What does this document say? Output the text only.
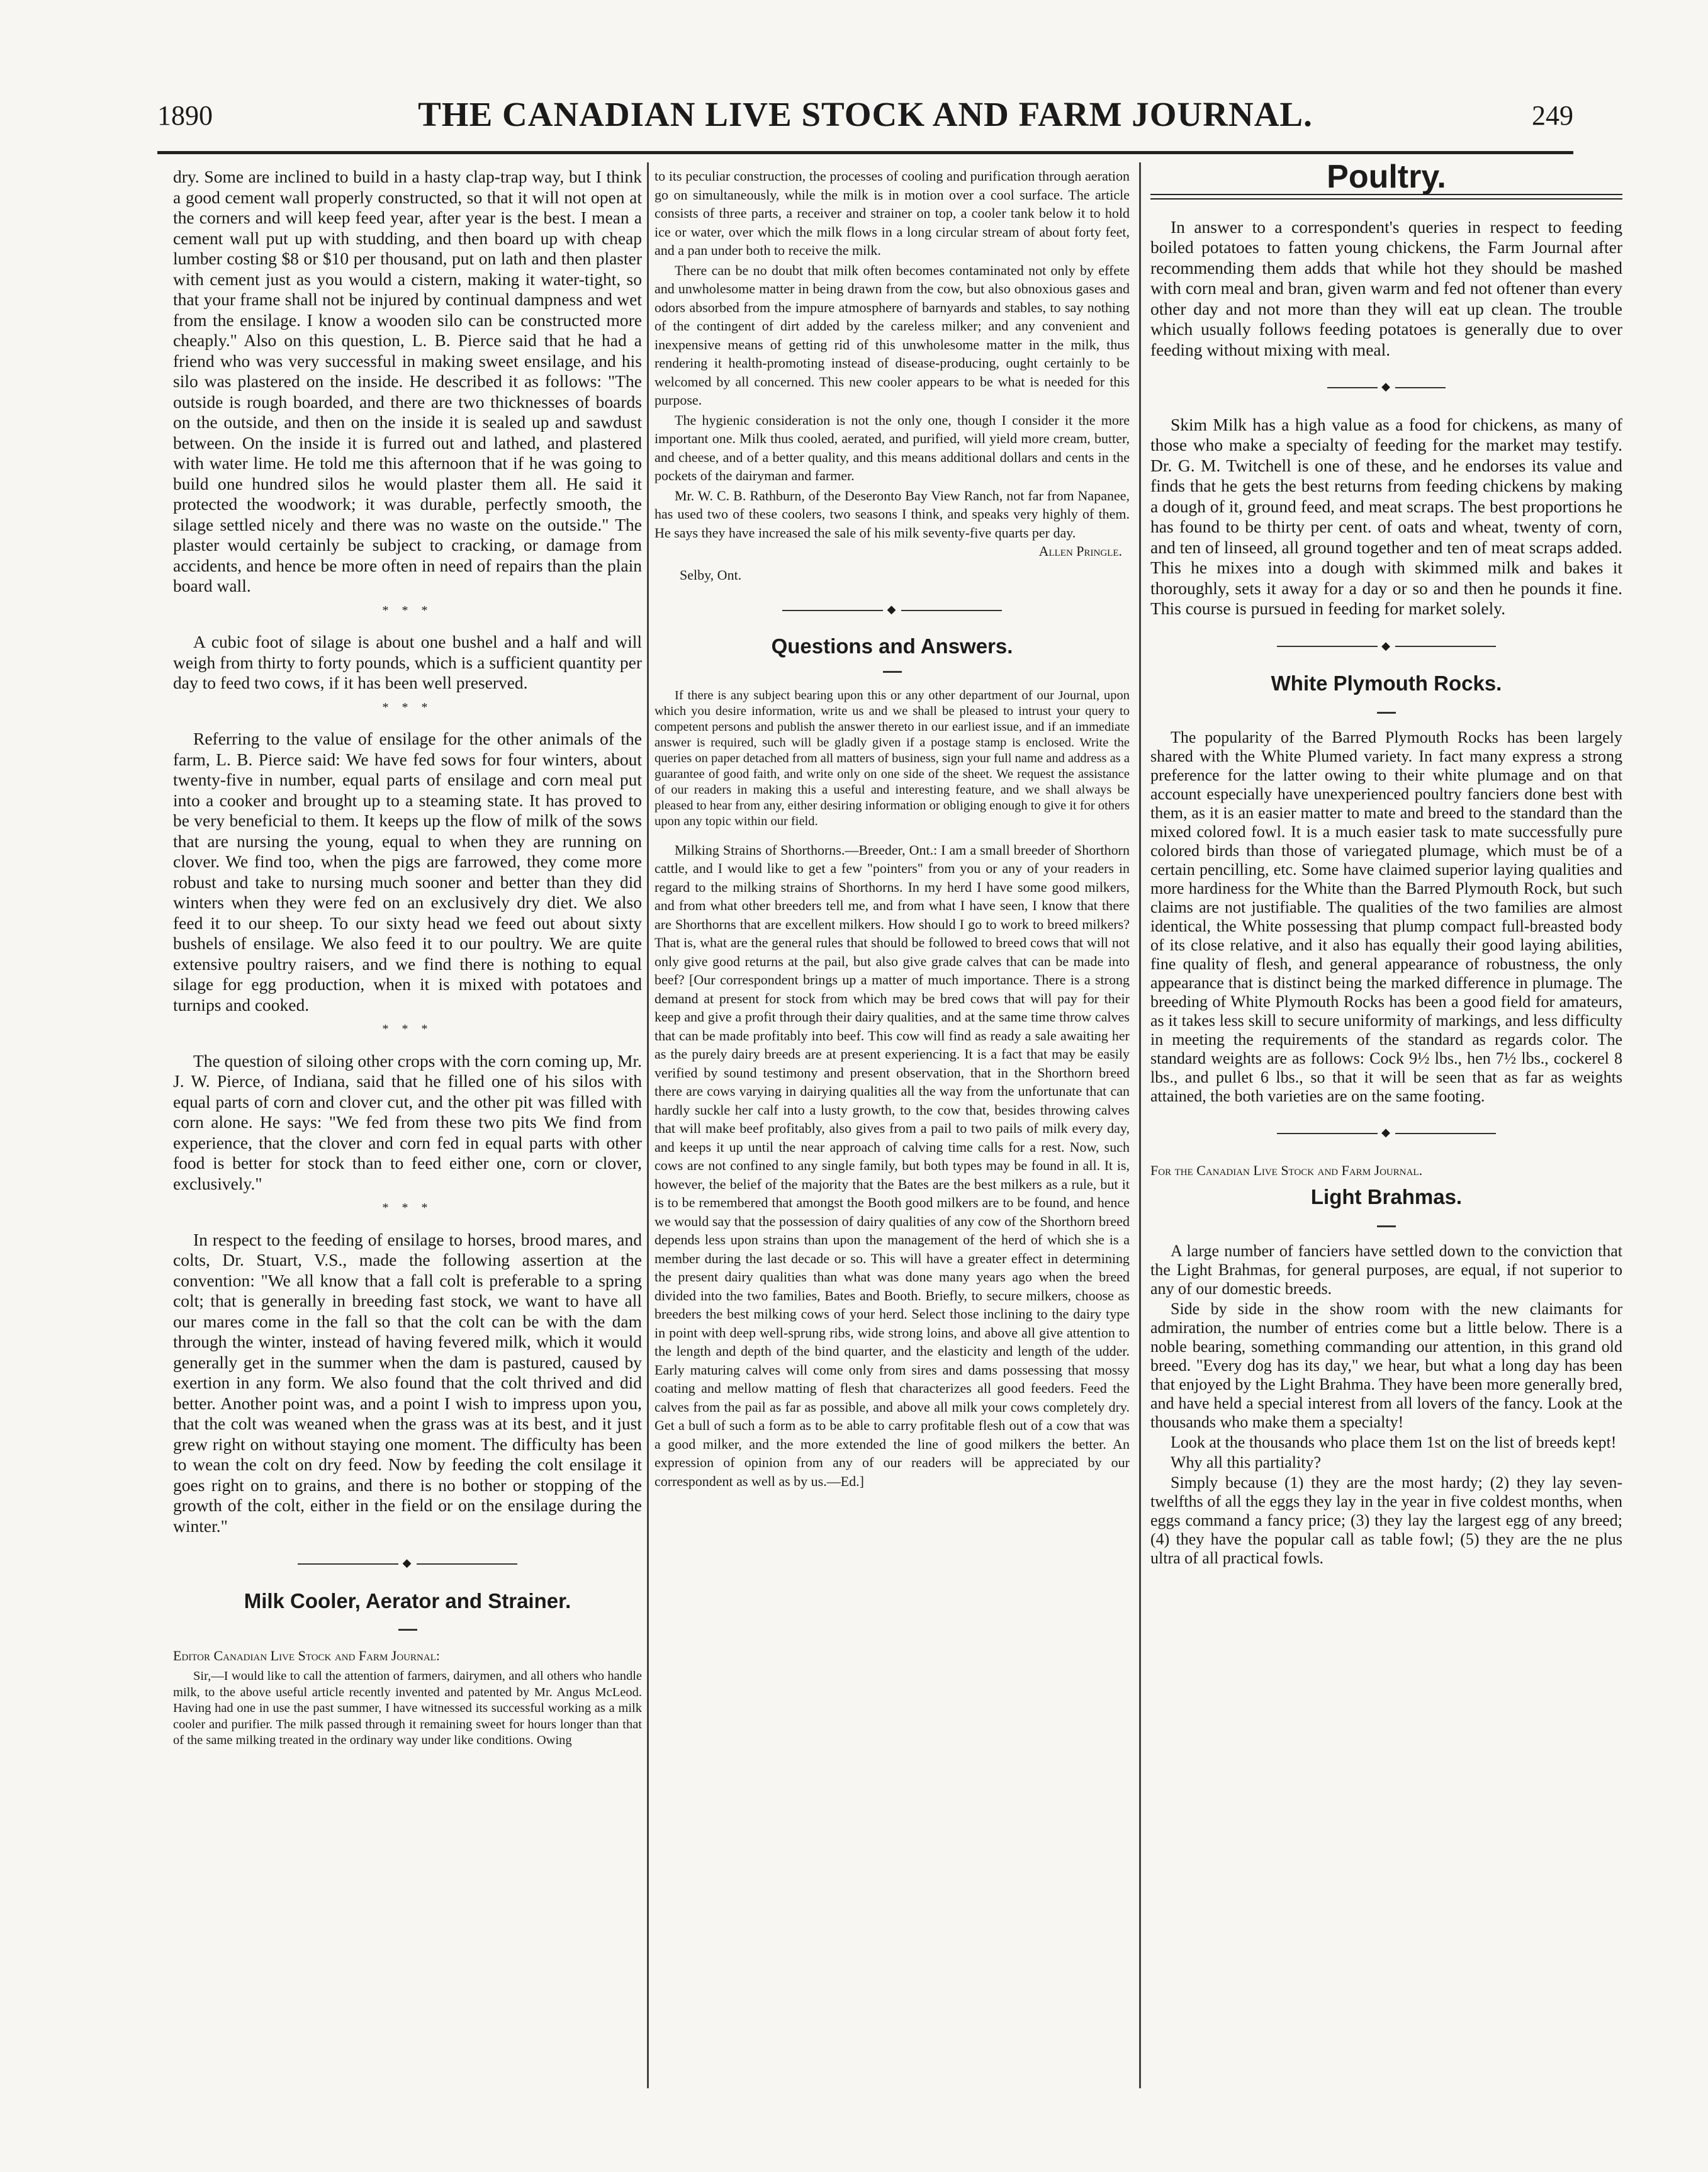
1890	THE CANADIAN LIVE STOCK AND FARM JOURNAL.	249

dry. Some are inclined to build in a hasty clap-trap way, but I think a good cement wall properly constructed, so that it will not open at the corners and will keep feed year, after year is the best. I mean a cement wall put up with studding, and then board up with cheap lumber costing $8 or $10 per thousand, put on lath and then plaster with cement just as you would a cistern, making it water-tight, so that your frame shall not be injured by continual dampness and wet from the ensilage. I know a wooden silo can be constructed more cheaply." Also on this question, L. B. Pierce said that he had a friend who was very successful in making sweet ensilage, and his silo was plastered on the inside. He described it as follows: "The outside is rough boarded, and there are two thicknesses of boards on the outside, and then on the inside it is sealed up and sawdust between. On the inside it is furred out and lathed, and plastered with water lime. He told me this afternoon that if he was going to build one hundred silos he would plaster them all. He said it protected the woodwork; it was durable, perfectly smooth, the silage settled nicely and there was no waste on the outside." The plaster would certainly be subject to cracking, or damage from accidents, and hence be more often in need of repairs than the plain board wall.

* * *

A cubic foot of silage is about one bushel and a half and will weigh from thirty to forty pounds, which is a sufficient quantity per day to feed two cows, if it has been well preserved.

* * *

Referring to the value of ensilage for the other animals of the farm, L. B. Pierce said: We have fed sows for four winters, about twenty-five in number, equal parts of ensilage and corn meal put into a cooker and brought up to a steaming state. It has proved to be very beneficial to them. It keeps up the flow of milk of the sows that are nursing the young, equal to when they are running on clover. We find too, when the pigs are farrowed, they come more robust and take to nursing much sooner and better than they did winters when they were fed on an exclusively dry diet. We also feed it to our sheep. To our sixty head we feed out about sixty bushels of ensilage. We also feed it to our poultry. We are quite extensive poultry raisers, and we find there is nothing to equal silage for egg production, when it is mixed with potatoes and turnips and cooked.

* * *

The question of siloing other crops with the corn coming up, Mr. J. W. Pierce, of Indiana, said that he filled one of his silos with equal parts of corn and clover cut, and the other pit was filled with corn alone. He says: "We fed from these two pits We find from experience, that the clover and corn fed in equal parts with other food is better for stock than to feed either one, corn or clover, exclusively."

* * *

In respect to the feeding of ensilage to horses, brood mares, and colts, Dr. Stuart, V.S., made the following assertion at the convention: "We all know that a fall colt is preferable to a spring colt; that is generally in breeding fast stock, we want to have all our mares come in the fall so that the colt can be with the dam through the winter, instead of having fevered milk, which it would generally get in the summer when the dam is pastured, caused by exertion in any form. We also found that the colt thrived and did better. Another point was, and a point I wish to impress upon you, that the colt was weaned when the grass was at its best, and it just grew right on without staying one moment. The difficulty has been to wean the colt on dry feed. Now by feeding the colt ensilage it goes right on to grains, and there is no bother or stopping of the growth of the colt, either in the field or on the ensilage during the winter."

◆
Milk Cooler, Aerator and Strainer.
Editor Canadian Live Stock and Farm Journal:

Sir,—I would like to call the attention of farmers, dairymen, and all others who handle milk, to the above useful article recently invented and patented by Mr. Angus McLeod. Having had one in use the past summer, I have witnessed its successful working as a milk cooler and purifier. The milk passed through it remaining sweet for hours longer than that of the same milking treated in the ordinary way under like conditions. Owing

to its peculiar construction, the processes of cooling and purification through aeration go on simultaneously, while the milk is in motion over a cool surface. The article consists of three parts, a receiver and strainer on top, a cooler tank below it to hold ice or water, over which the milk flows in a long circular stream of about forty feet, and a pan under both to receive the milk.

There can be no doubt that milk often becomes contaminated not only by effete and unwholesome matter in being drawn from the cow, but also obnoxious gases and odors absorbed from the impure atmosphere of barnyards and stables, to say nothing of the contingent of dirt added by the careless milker; and any convenient and inexpensive means of getting rid of this unwholesome matter in the milk, thus rendering it health-promoting instead of disease-producing, ought certainly to be welcomed by all concerned. This new cooler appears to be what is needed for this purpose.

The hygienic consideration is not the only one, though I consider it the more important one. Milk thus cooled, aerated, and purified, will yield more cream, butter, and cheese, and of a better quality, and this means additional dollars and cents in the pockets of the dairyman and farmer.

Mr. W. C. B. Rathburn, of the Deseronto Bay View Ranch, not far from Napanee, has used two of these coolers, two seasons I think, and speaks very highly of them. He says they have increased the sale of his milk seventy-five quarts per day.

Allen Pringle.
Selby, Ont.
◆
Questions and Answers.

If there is any subject bearing upon this or any other department of our Journal, upon which you desire information, write us and we shall be pleased to intrust your query to competent persons and publish the answer thereto in our earliest issue, and if an immediate answer is required, such will be gladly given if a postage stamp is enclosed. Write the queries on paper detached from all matters of business, sign your full name and address as a guarantee of good faith, and write only on one side of the sheet. We request the assistance of our readers in making this a useful and interesting feature, and we shall always be pleased to hear from any, either desiring information or obliging enough to give it for others upon any topic within our field.

Milking Strains of Shorthorns.—Breeder, Ont.: I am a small breeder of Shorthorn cattle, and I would like to get a few "pointers" from you or any of your readers in regard to the milking strains of Shorthorns. In my herd I have some good milkers, and from what other breeders tell me, and from what I have seen, I know that there are Shorthorns that are excellent milkers. How should I go to work to breed milkers? That is, what are the general rules that should be followed to breed cows that will not only give good returns at the pail, but also give grade calves that can be made into beef? [Our correspondent brings up a matter of much importance. There is a strong demand at present for stock from which may be bred cows that will pay for their keep and give a profit through their dairy qualities, and at the same time throw calves that can be made profitably into beef. This cow will find as ready a sale awaiting her as the purely dairy breeds are at present experiencing. It is a fact that may be easily verified by sound testimony and present observation, that in the Shorthorn breed there are cows varying in dairying qualities all the way from the unfortunate that can hardly suckle her calf into a lusty growth, to the cow that, besides throwing calves that will make beef profitably, also gives from a pail to two pails of milk every day, and keeps it up until the near approach of calving time calls for a rest. Now, such cows are not confined to any single family, but both types may be found in all. It is, however, the belief of the majority that the Bates are the best milkers as a rule, but it is to be remembered that amongst the Booth good milkers are to be found, and hence we would say that the possession of dairy qualities of any cow of the Shorthorn breed depends less upon strains than upon the management of the herd of which she is a member during the last decade or so. This will have a greater effect in determining the present dairy qualities than what was done many years ago when the breed divided into the two families, Bates and Booth. Briefly, to secure milkers, choose as breeders the best milking cows of your herd. Select those inclining to the dairy type in point with deep well-sprung ribs, wide strong loins, and above all give attention to the length and depth of the bind quarter, and the elasticity and length of the udder. Early maturing calves will come only from sires and dams possessing that mossy coating and mellow matting of flesh that characterizes all good feeders. Feed the calves from the pail as far as possible, and above all milk your cows completely dry. Get a bull of such a form as to be able to carry profitable flesh out of a cow that was a good milker, and the more extended the line of good milkers the better. An expression of opinion from any of our readers will be appreciated by our correspondent as well as by us.—Ed.]

Poultry.

In answer to a correspondent's queries in respect to feeding boiled potatoes to fatten young chickens, the Farm Journal after recommending them adds that while hot they should be mashed with corn meal and bran, given warm and fed not oftener than every other day and not more than they will eat up clean. The trouble which usually follows feeding potatoes is generally due to over feeding without mixing with meal.

◆

Skim Milk has a high value as a food for chickens, as many of those who make a specialty of feeding for the market may testify. Dr. G. M. Twitchell is one of these, and he endorses its value and finds that he gets the best returns from feeding chickens by making a dough of it, ground feed, and meat scraps. The best proportions he has found to be thirty per cent. of oats and wheat, twenty of corn, and ten of linseed, all ground together and ten of meat scraps added. This he mixes into a dough with skimmed milk and bakes it thoroughly, sets it away for a day or so and then he pounds it fine. This course is pursued in feeding for market solely.

◆
White Plymouth Rocks.

The popularity of the Barred Plymouth Rocks has been largely shared with the White Plumed variety. In fact many express a strong preference for the latter owing to their white plumage and on that account especially have unexperienced poultry fanciers done best with them, as it is an easier matter to mate and breed to the standard than the mixed colored fowl. It is a much easier task to mate successfully pure colored birds than those of variegated plumage, which must be of a certain pencilling, etc. Some have claimed superior laying qualities and more hardiness for the White than the Barred Plymouth Rock, but such claims are not justifiable. The qualities of the two families are almost identical, the White possessing that plump compact full-breasted body of its close relative, and it also has equally their good laying abilities, fine quality of flesh, and general appearance of robustness, the only appearance that is distinct being the marked difference in plumage. The breeding of White Plymouth Rocks has been a good field for amateurs, as it takes less skill to secure uniformity of markings, and less difficulty in meeting the requirements of the standard as regards color. The standard weights are as follows: Cock 9½ lbs., hen 7½ lbs., cockerel 8 lbs., and pullet 6 lbs., so that it will be seen that as far as weights attained, the both varieties are on the same footing.

◆
For the Canadian Live Stock and Farm Journal.
Light Brahmas.

A large number of fanciers have settled down to the conviction that the Light Brahmas, for general purposes, are equal, if not superior to any of our domestic breeds.

Side by side in the show room with the new claimants for admiration, the number of entries come but a little below. There is a noble bearing, something commanding our attention, in this grand old breed. "Every dog has its day," we hear, but what a long day has been that enjoyed by the Light Brahma. They have been more generally bred, and have held a special interest from all lovers of the fancy. Look at the thousands who make them a specialty!

Look at the thousands who place them 1st on the list of breeds kept!

Why all this partiality?

Simply because (1) they are the most hardy; (2) they lay seven-twelfths of all the eggs they lay in the year in five coldest months, when eggs command a fancy price; (3) they lay the largest egg of any breed; (4) they have the popular call as table fowl; (5) they are the ne plus ultra of all practical fowls.
